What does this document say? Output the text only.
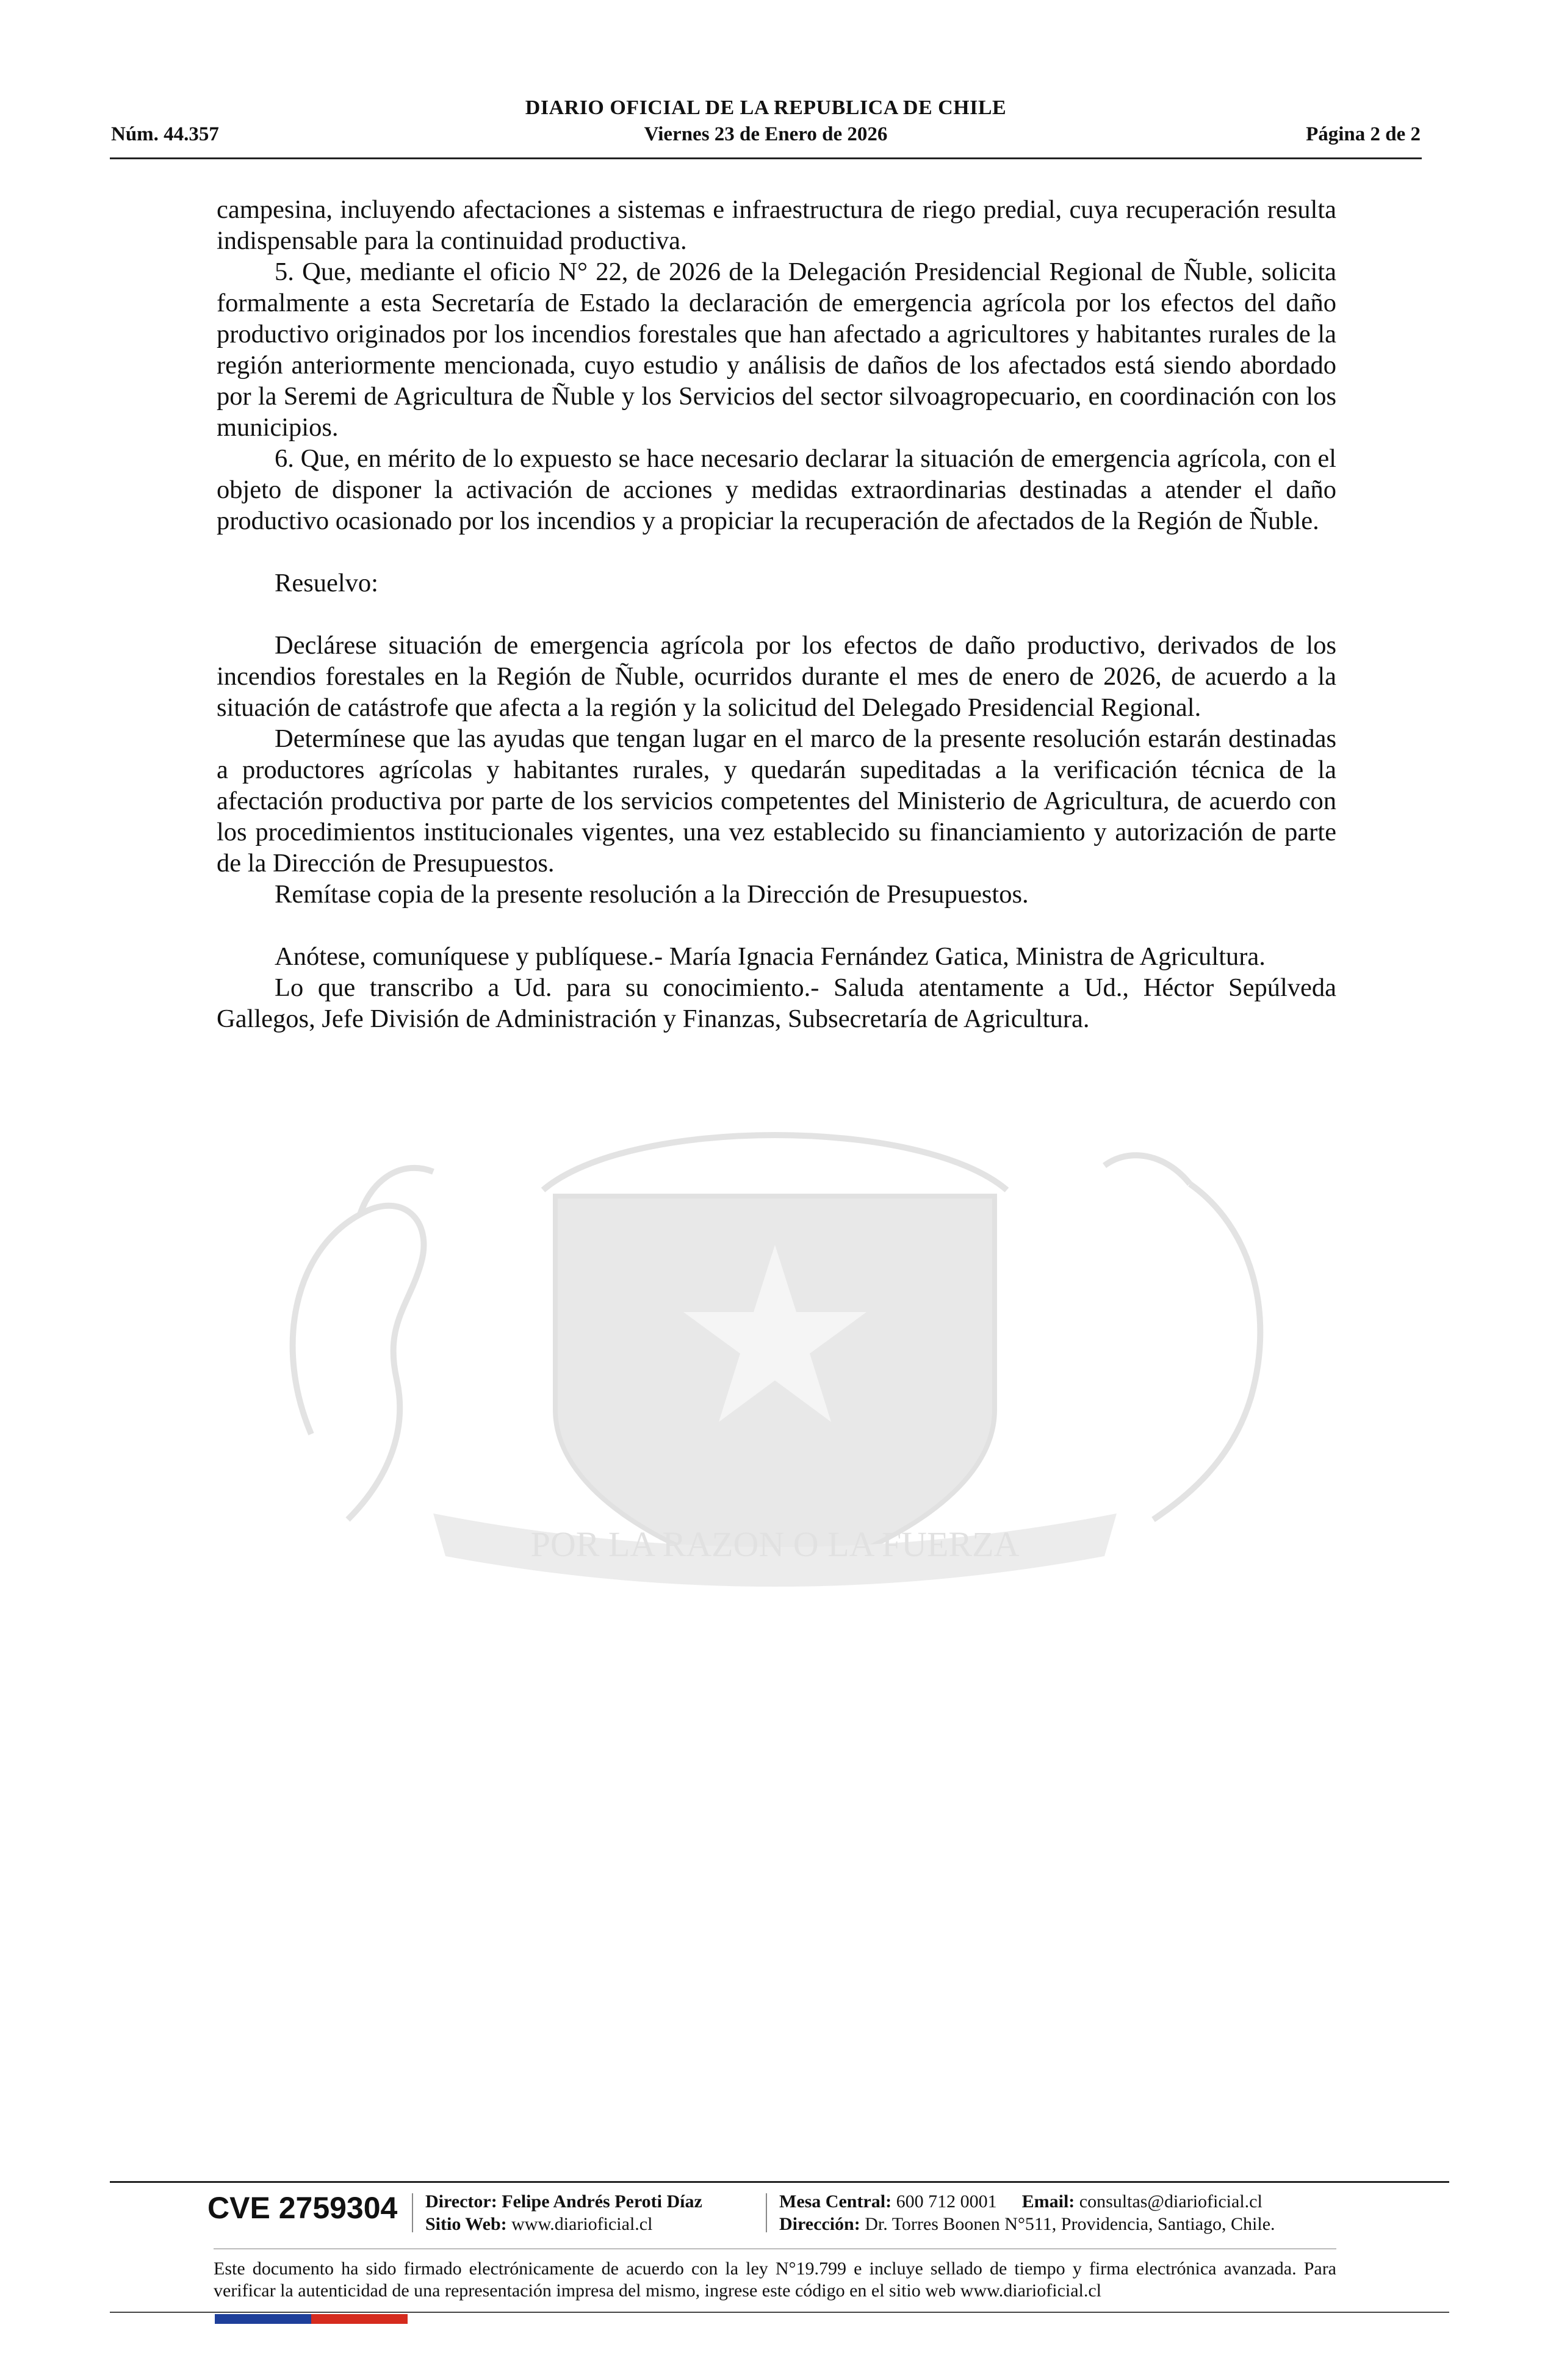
DIARIO OFICIAL DE LA REPUBLICA DE CHILE
Núm. 44.357	Viernes 23 de Enero de 2026	Página 2 de 2
POR LA RAZON O LA FUERZA

campesina, incluyendo afectaciones a sistemas e infraestructura de riego predial, cuya recuperación resulta indispensable para la continuidad productiva.

5. Que, mediante el oficio N° 22, de 2026 de la Delegación Presidencial Regional de Ñuble, solicita formalmente a esta Secretaría de Estado la declaración de emergencia agrícola por los efectos del daño productivo originados por los incendios forestales que han afectado a agricultores y habitantes rurales de la región anteriormente mencionada, cuyo estudio y análisis de daños de los afectados está siendo abordado por la Seremi de Agricultura de Ñuble y los Servicios del sector silvoagropecuario, en coordinación con los municipios.

6. Que, en mérito de lo expuesto se hace necesario declarar la situación de emergencia agrícola, con el objeto de disponer la activación de acciones y medidas extraordinarias destinadas a atender el daño productivo ocasionado por los incendios y a propiciar la recuperación de afectados de la Región de Ñuble.

Resuelvo:

Declárese situación de emergencia agrícola por los efectos de daño productivo, derivados de los incendios forestales en la Región de Ñuble, ocurridos durante el mes de enero de 2026, de acuerdo a la situación de catástrofe que afecta a la región y la solicitud del Delegado Presidencial Regional.

Determínese que las ayudas que tengan lugar en el marco de la presente resolución estarán destinadas a productores agrícolas y habitantes rurales, y quedarán supeditadas a la verificación técnica de la afectación productiva por parte de los servicios competentes del Ministerio de Agricultura, de acuerdo con los procedimientos institucionales vigentes, una vez establecido su financiamiento y autorización de parte de la Dirección de Presupuestos.

Remítase copia de la presente resolución a la Dirección de Presupuestos.

Anótese, comuníquese y publíquese.- María Ignacia Fernández Gatica, Ministra de Agricultura.

Lo que transcribo a Ud. para su conocimiento.- Saluda atentamente a Ud., Héctor Sepúlveda Gallegos, Jefe División de Administración y Finanzas, Subsecretaría de Agricultura.

CVE 2759304 Director: Felipe Andrés Peroti Díaz
Sitio Web: www.diarioficial.cl
Mesa Central: 600 712 0001 Email: consultas@diarioficial.cl
Dirección: Dr. Torres Boonen N°511, Providencia, Santiago, Chile.
Este documento ha sido firmado electrónicamente de acuerdo con la ley N°19.799 e incluye sellado de tiempo y firma electrónica avanzada. Para verificar la autenticidad de una representación impresa del mismo, ingrese este código en el sitio web www.diarioficial.cl
